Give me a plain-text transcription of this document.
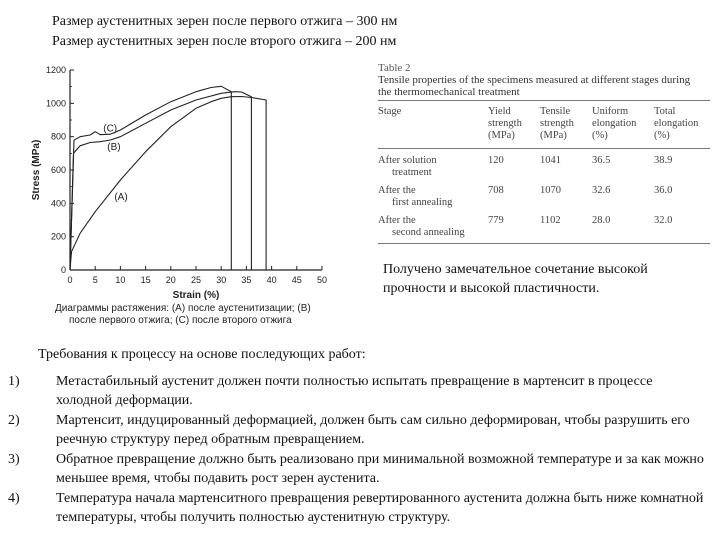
Размер аустенитных зерен после первого отжига – 300 нм
Размер аустенитных зерен после второго отжига – 200 нм
0 5 10 15 20 25 30 35 40 45 50
0
200
400
600
800
1000
1200
Strain (%)
Stress (MPa)
(C)
(B)
(A)
Диаграммы растяжения: (A) после аустенитизации; (B)
после первого отжига; (C) после второго отжига
Table 2
Tensile properties of the specimens measured at different stages during
the thermomechanical treatment
Stage	Yield
strength
(MPa)	Tensile
strength
(MPa)	Uniform
elongation
(%)	Total
elongation
(%)
After solution
treatment	120	1041	36.5	38.9
After the
first annealing	708	1070	32.6	36.0
After the
second annealing	779	1102	28.0	32.0
Получено замечательное сочетание высокой прочности и высокой пластичности.
Требования к процессу на основе последующих работ:
1)	Метастабильный аустенит должен почти полностью испытать превращение в мартенсит в процессе холодной деформации.
2)	Мартенсит, индуцированный деформацией, должен быть сам сильно деформирован, чтобы разрушить его реечную структуру перед обратным превращением.
3)	Обратное превращение должно быть реализовано при минимальной возможной температуре и за как можно меньшее время, чтобы подавить рост зерен аустенита.
4)	Температура начала мартенситного превращения ревертированного аустенита должна быть ниже комнатной температуры, чтобы получить полностью аустенитную структуру.
